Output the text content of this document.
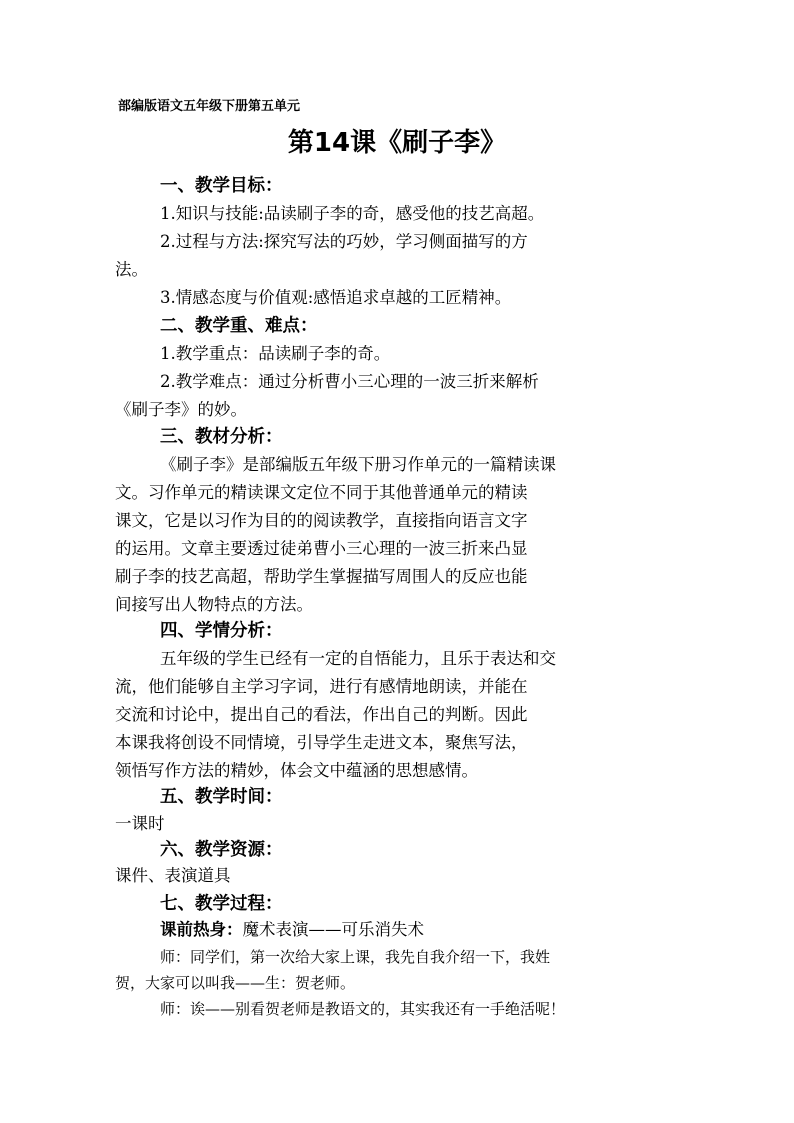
部编版语文五年级下册第五单元
第14课《刷子李》
一、教学目标：
1.知识与技能:品读刷子李的奇，感受他的技艺高超。
2.过程与方法:探究写法的巧妙，学习侧面描写的方
法。
3.情感态度与价值观:感悟追求卓越的工匠精神。
二、教学重、难点：
1.教学重点：品读刷子李的奇。
2.教学难点：通过分析曹小三心理的一波三折来解析
《刷子李》的妙。
三、教材分析：
《刷子李》是部编版五年级下册习作单元的一篇精读课
文。习作单元的精读课文定位不同于其他普通单元的精读
课文，它是以习作为目的的阅读教学，直接指向语言文字
的运用。文章主要透过徒弟曹小三心理的一波三折来凸显
刷子李的技艺高超，帮助学生掌握描写周围人的反应也能
间接写出人物特点的方法。
四、学情分析：
五年级的学生已经有一定的自悟能力，且乐于表达和交
流，他们能够自主学习字词，进行有感情地朗读，并能在
交流和讨论中，提出自己的看法，作出自己的判断。因此
本课我将创设不同情境，引导学生走进文本，聚焦写法，
领悟写作方法的精妙，体会文中蕴涵的思想感情。
五、教学时间：
一课时
六、教学资源：
课件、表演道具
七、教学过程：
课前热身：魔术表演——可乐消失术
师：同学们，第一次给大家上课，我先自我介绍一下，我姓
贺，大家可以叫我——生：贺老师。
师：诶——别看贺老师是教语文的，其实我还有一手绝活呢！
